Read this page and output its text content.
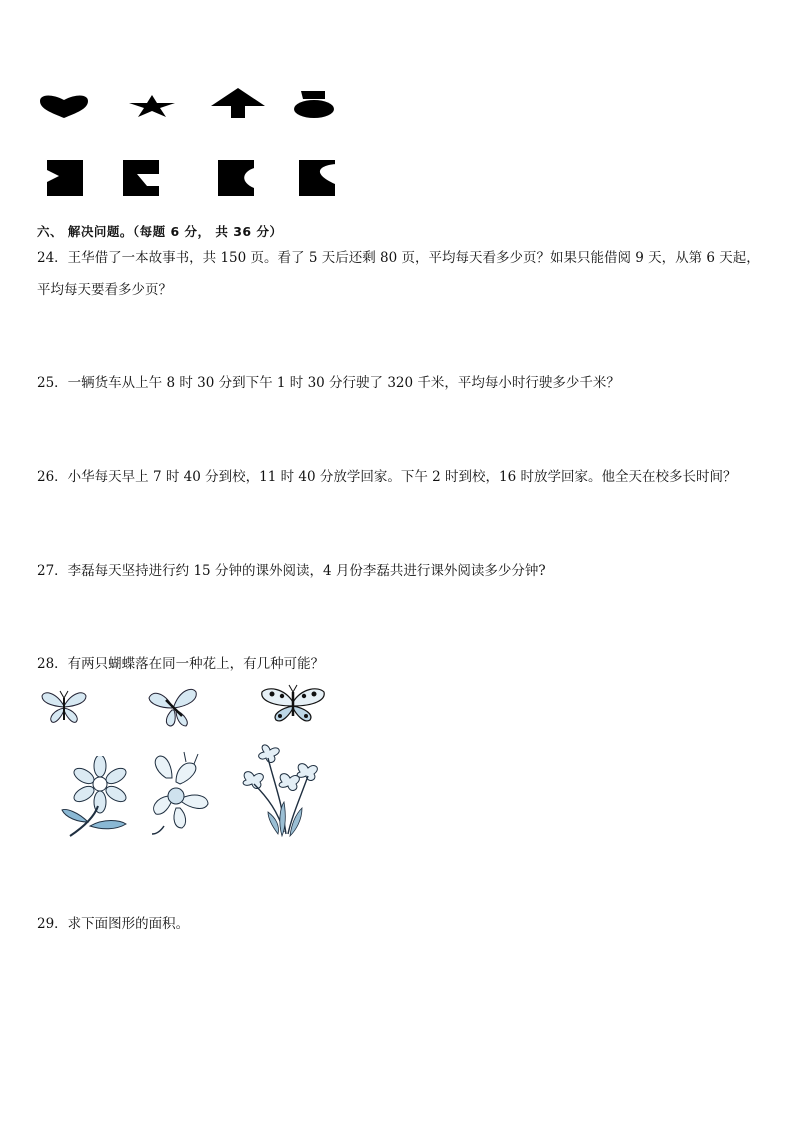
六、 解决问题。（每题 6 分， 共 36 分）
24．王华借了一本故事书，共 150 页。看了 5 天后还剩 80 页，平均每天看多少页？如果只能借阅 9 天，从第 6 天起，
平均每天要看多少页？
25．一辆货车从上午 8 时 30 分到下午 1 时 30 分行驶了 320 千米，平均每小时行驶多少千米？
26．小华每天早上 7 时 40 分到校，11 时 40 分放学回家。下午 2 时到校，16 时放学回家。他全天在校多长时间？
27．李磊每天坚持进行约 15 分钟的课外阅读，4 月份李磊共进行课外阅读多少分钟?
28．有两只蝴蝶落在同一种花上，有几种可能？
29．求下面图形的面积。
